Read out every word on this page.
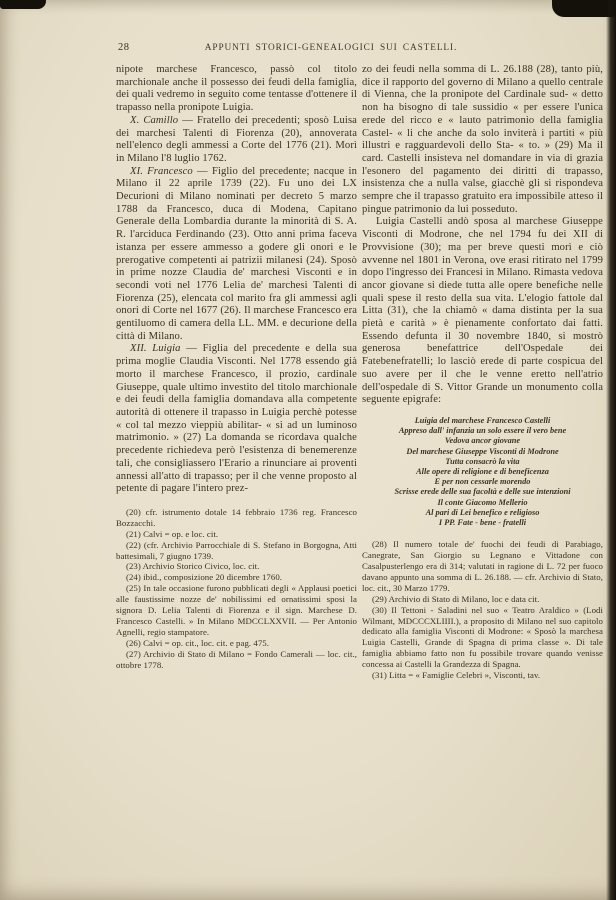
28	APPUNTI STORICI-GENEALOGICI SUI CASTELLI.

nipote marchese Francesco, passò col titolo marchionale anche il possesso dei feudi della famiglia, dei quali vedremo in seguito come tentasse d'ottenere il trapasso nella pronipote Luigia.

X. Camillo — Fratello dei precedenti; sposò Luisa dei marchesi Talenti di Fiorenza (20), annoverata nell'elenco degli ammessi a Corte del 1776 (21). Morì in Milano l'8 luglio 1762.

XI. Francesco — Figlio del precedente; nacque in Milano il 22 aprile 1739 (22). Fu uno dei LX Decurioni di Milano nominati per decreto 5 marzo 1788 da Francesco, duca di Modena, Capitano Generale della Lombardia durante la minorità di S. A. R. l'arciduca Ferdinando (23). Otto anni prima faceva istanza per essere ammesso a godere gli onori e le prerogative competenti ai patrizii milanesi (24). Sposò in prime nozze Claudia de' marchesi Visconti e in secondi voti nel 1776 Lelia de' marchesi Talenti di Fiorenza (25), elencata col marito fra gli ammessi agli onori di Corte nel 1677 (26). Il marchese Francesco era gentiluomo di camera della LL. MM. e decurione della città di Milano.

XII. Luigia — Figlia del precedente e della sua prima moglie Claudia Visconti. Nel 1778 essendo già morto il marchese Francesco, il prozio, cardinale Giuseppe, quale ultimo investito del titolo marchionale e dei feudi della famiglia domandava alla competente autorità di ottenere il trapasso in Luigia perchè potesse « col tal mezzo vieppiù abilitar- « si ad un luminoso matrimonio. » (27) La domanda se ricordava qualche precedente richiedeva però l'esistenza di benemerenze tali, che consigliassero l'Erario a rinunciare ai proventi annessi all'atto di trapasso; per il che venne proposto al petente di pagare l'intero prez-

(20) cfr. istrumento dotale 14 febbraio 1736 reg. Francesco Bozzacchi.

(21) Calvi = op. e loc. cit.

(22) (cfr. Archivio Parrocchiale di S. Stefano in Borgogna, Atti battesimali, 7 giugno 1739.

(23) Archivio Storico Civico, loc. cit.

(24) ibid., composizione 20 dicembre 1760.

(25) In tale occasione furono pubblicati degli « Applausi poetici alle faustissime nozze de' nobilissimi ed ornatissimi sposi la signora D. Lelia Talenti di Fiorenza e il sign. Marchese D. Francesco Castelli. » In Milano MDCCLXXVII. — Per Antonio Agnelli, regio stampatore.

(26) Calvi = op. cit., loc. cit. e pag. 475.

(27) Archivio di Stato di Milano = Fondo Camerali — loc. cit., ottobre 1778.

zo dei feudi nella somma di L. 26.188 (28), tanto più, dice il rapporto del governo di Milano a quello centrale di Vienna, che la pronipote del Cardinale sud- « detto non ha bisogno di tale sussidio « per essere l'unica erede del ricco e « lauto patrimonio della famiglia Castel- « li che anche da solo inviterà i partiti « più illustri e ragguardevoli dello Sta- « to. » (29) Ma il card. Castelli insisteva nel domandare in via di grazia l'esonero del pagamento dei diritti di trapasso, insistenza che a nulla valse, giacchè gli si rispondeva sempre che il trapasso gratuito era impossibile atteso il pingue patrimonio da lui posseduto.

Luigia Castelli andò sposa al marchese Giuseppe Visconti di Modrone, che nel 1794 fu dei XII di Provvisione (30); ma per breve questi morì e ciò avvenne nel 1801 in Verona, ove erasi ritirato nel 1799 dopo l'ingresso dei Francesi in Milano. Rimasta vedova ancor giovane si diede tutta alle opere benefiche nelle quali spese il resto della sua vita. L'elogio fattole dal Litta (31), che la chiamò « dama distinta per la sua pietà e carità » è pienamente confortato dai fatti. Essendo defunta il 30 novembre 1840, si mostrò generosa benefattrice dell'Ospedale dei Fatebenefratelli; lo lasciò erede di parte cospicua del suo avere per il che le venne eretto nell'atrio dell'ospedale di S. Vittor Grande un monumento colla seguente epigrafe:

Luigia del marchese Francesco Castelli
Appreso dall' infanzia un solo essere il vero bene
Vedova ancor giovane
Del marchese Giuseppe Visconti di Modrone
Tutta consacrò la vita
Alle opere di religione e di beneficenza
E per non cessarle morendo
Scrisse erede delle sua facoltà e delle sue intenzioni
Il conte Giacomo Mellerio
Al pari di Lei benefico e religioso
I PP. Fate - bene - fratelli

(28) Il numero totale de' fuochi dei feudi di Parabiago, Canegrate, San Giorgio su Legnano e Vittadone con Casalpusterlengo era di 314; valutati in ragione di L. 72 per fuoco davano appunto una somma di L. 26.188. — cfr. Archivio di Stato, loc. cit., 30 Marzo 1779.

(29) Archivio di Stato di Milano, loc e data cit.

(30) Il Tettoni - Saladini nel suo « Teatro Araldico » (Lodi Wilmant, MDCCCXLIIII.), a proposito di Milano nel suo capitolo dedicato alla famiglia Visconti di Modrone: « Sposò la marchesa Luigia Castelli, Grande di Spagna di prima classe ». Di tale famiglia abbiamo fatto non fu possibile trovare quando venisse concessa ai Castelli la Grandezza di Spagna.

(31) Litta = « Famiglie Celebri », Visconti, tav.
